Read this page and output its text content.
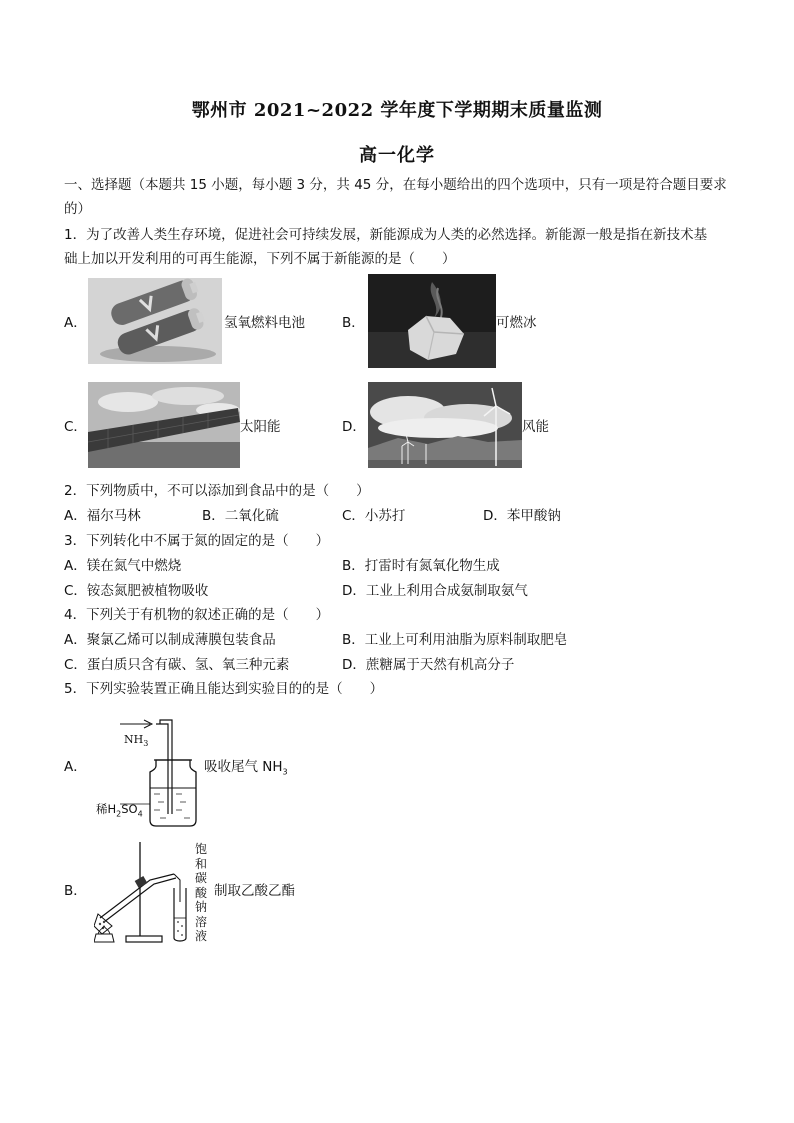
鄂州市 2021~2022 学年度下学期期末质量监测
高一化学
一、选择题（本题共 15 小题，每小题 3 分，共 45 分，在每小题给出的四个选项中，只有一项是符合题目要求
的）
1．为了改善人类生存环境，促进社会可持续发展，新能源成为人类的必然选择。新能源一般是指在新技术基
础上加以开发利用的可再生能源，下列不属于新能源的是（　　）
A．	氢氧燃料电池	B．	可燃冰
C．	太阳能	D．	风能
2．下列物质中，不可以添加到食品中的是（　　）
A．福尔马林	B．二氧化硫	C．小苏打	D．苯甲酸钠
3．下列转化中不属于氮的固定的是（　　）
A．镁在氮气中燃烧	B．打雷时有氮氧化物生成
C．铵态氮肥被植物吸收	D．工业上利用合成氨制取氨气
4．下列关于有机物的叙述正确的是（　　）
A．聚氯乙烯可以制成薄膜包装食品	B．工业上可利用油脂为原料制取肥皂
C．蛋白质只含有碳、氢、氧三种元素	D．蔗糖属于天然有机高分子
5．下列实验装置正确且能达到实验目的的是（　　）
A．
$NH_3$
稀$H_2SO_4$
吸收尾气 $NH_3$
B．
饱
和
碳
酸
钠
溶
液
制取乙酸乙酯
